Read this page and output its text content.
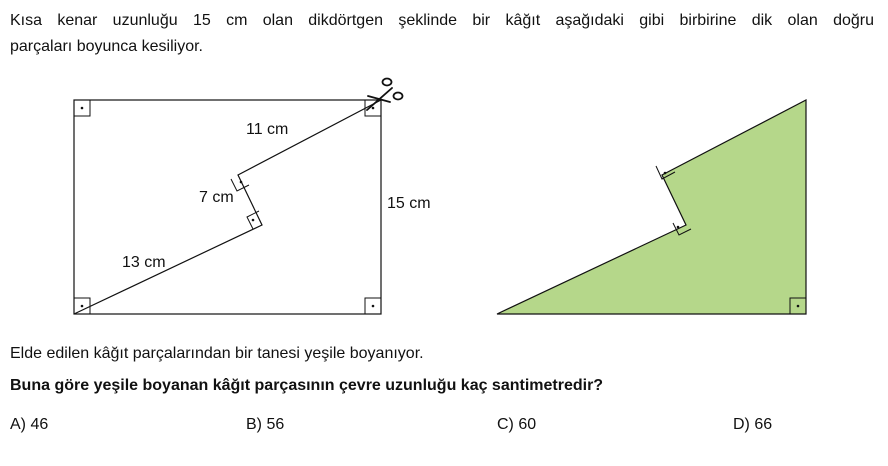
Kısa kenar uzunluğu 15 cm olan dikdörtgen şeklinde bir kâğıt aşağıdaki gibi birbirine dik olan doğru
parçaları boyunca kesiliyor.
11 cm
7 cm
13 cm
15 cm

Elde edilen kâğıt parçalarından bir tanesi yeşile boyanıyor.

Buna göre yeşile boyanan kâğıt parçasının çevre uzunluğu kaç santimetredir?

A) 46	B) 56	C) 60	D) 66
